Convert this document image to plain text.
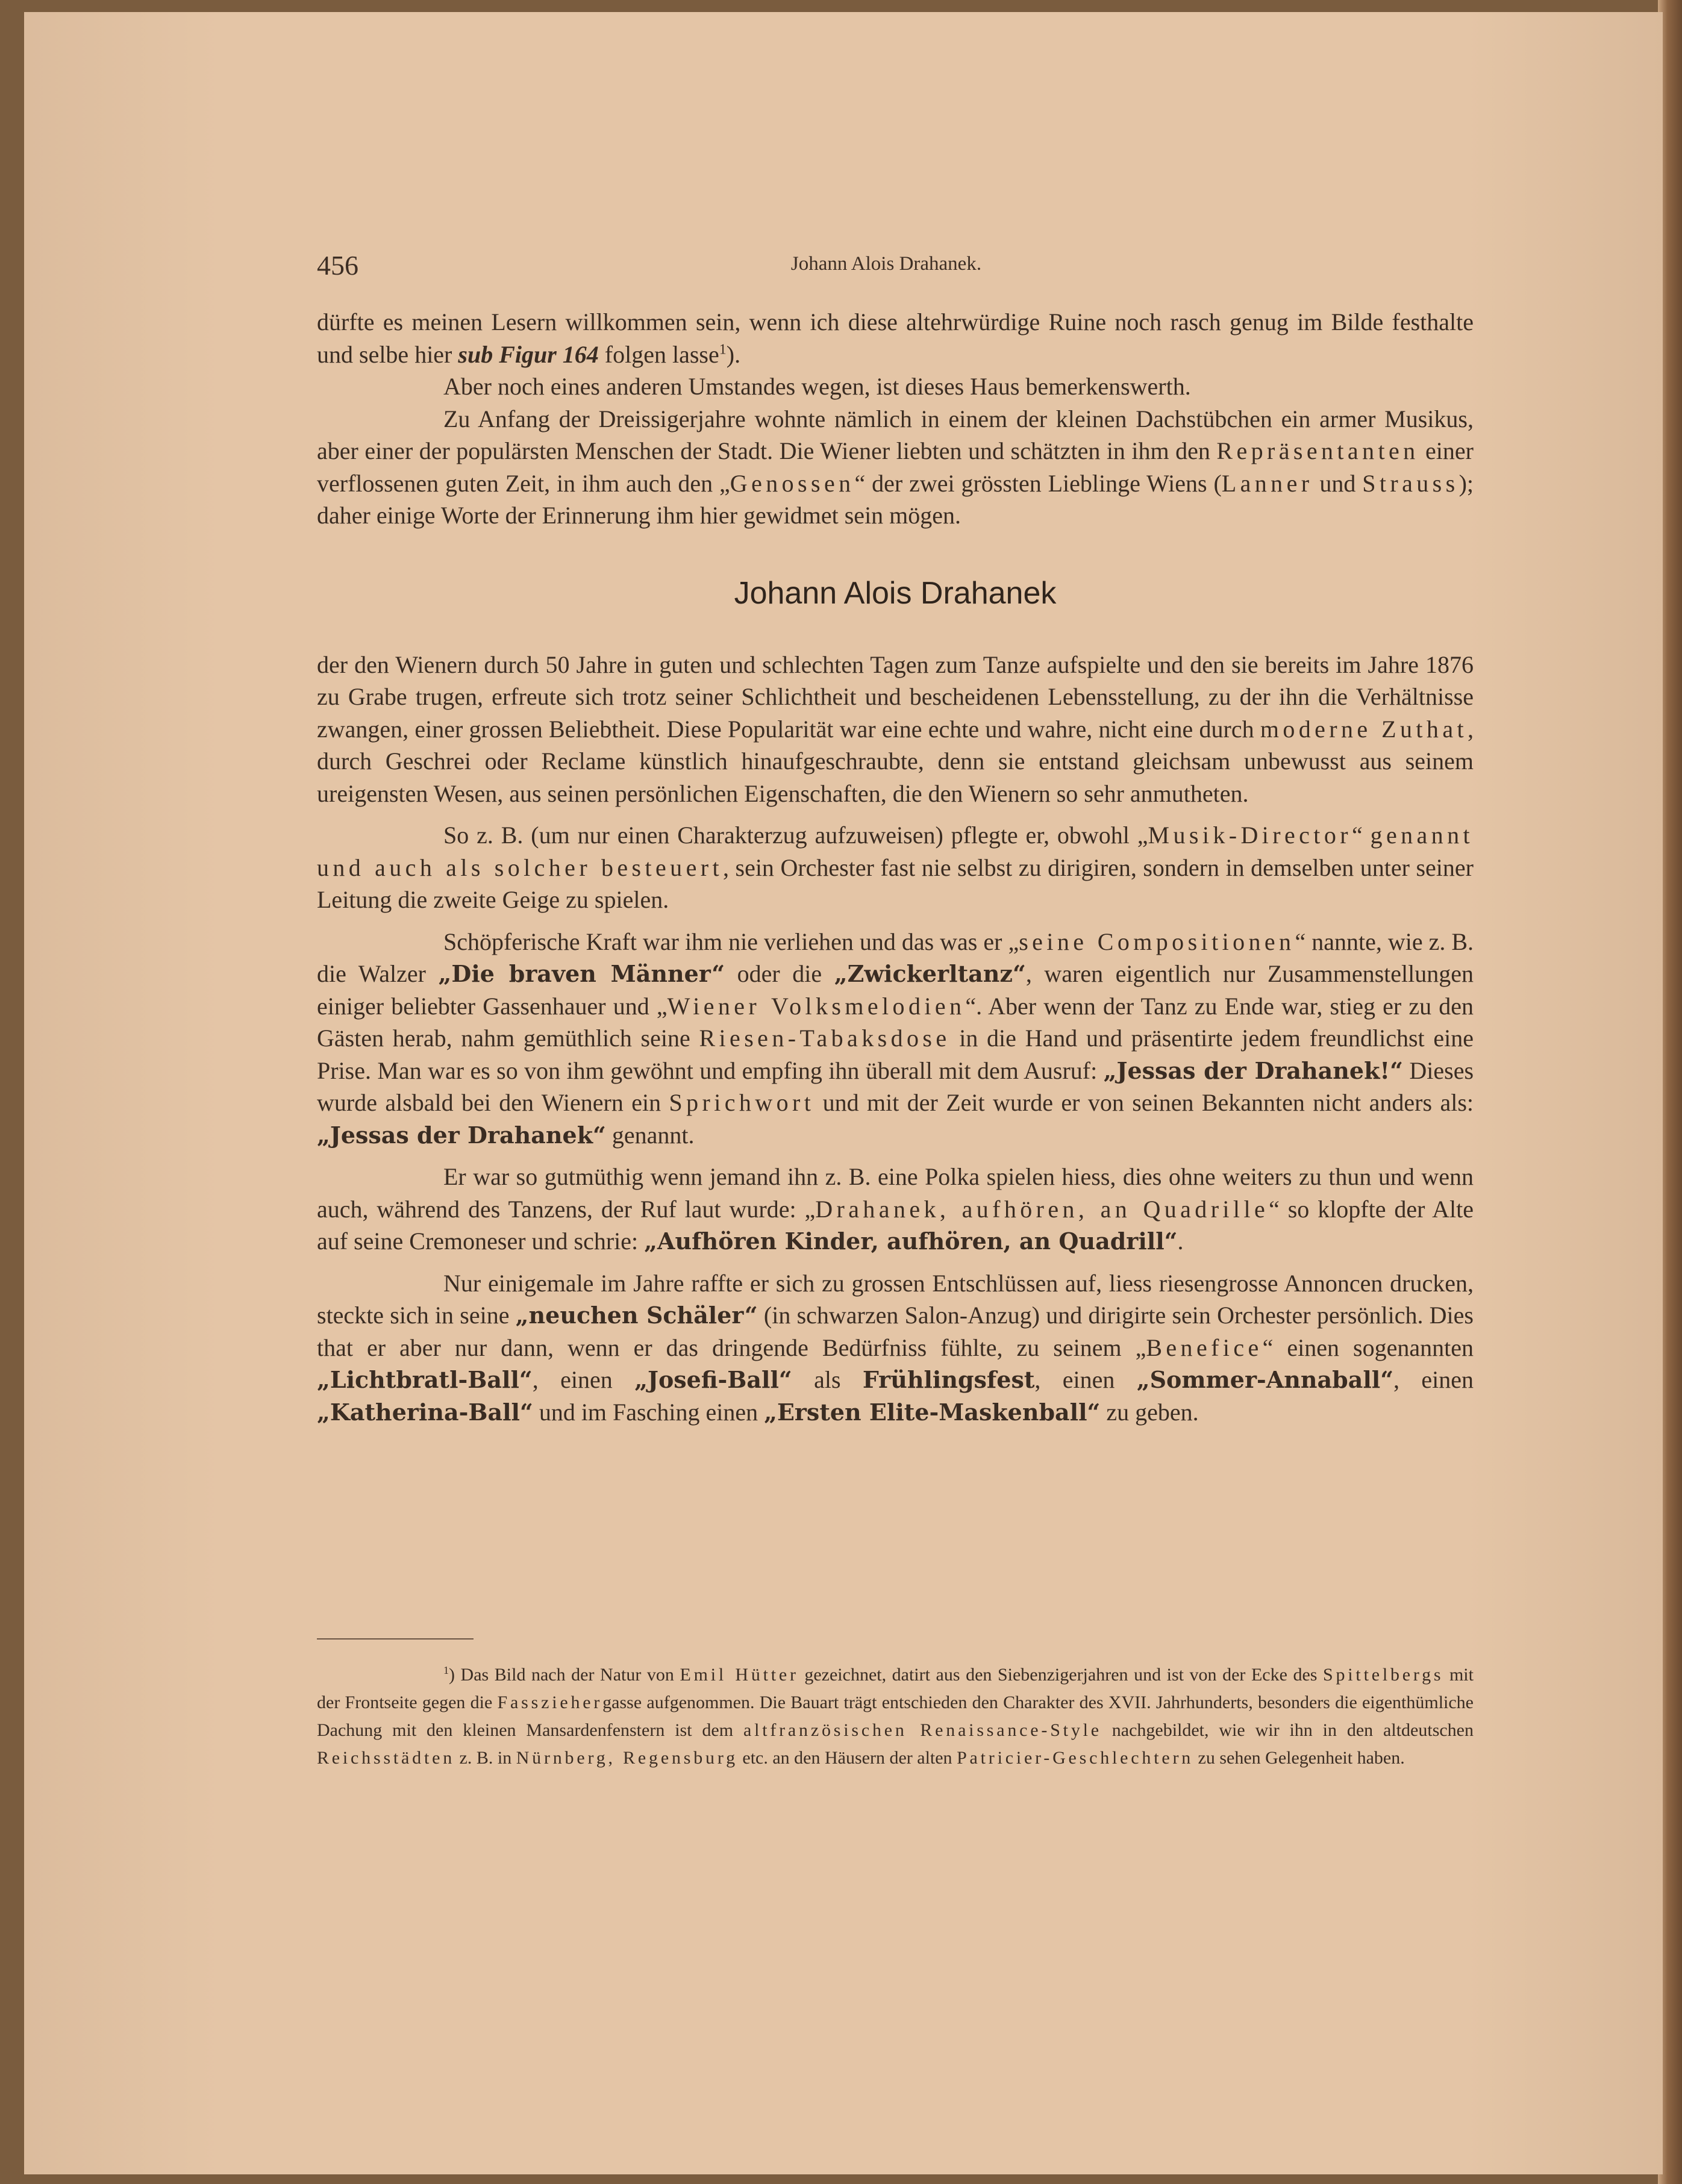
456	Johann Alois Drahanek.

dürfte es meinen Lesern willkommen sein, wenn ich diese altehrwürdige Ruine noch rasch genug im Bilde festhalte und selbe hier sub Figur 164 folgen lasse$^1$).

Aber noch eines anderen Umstandes wegen, ist dieses Haus bemerkenswerth.

Zu Anfang der Dreissigerjahre wohnte nämlich in einem der kleinen Dachstübchen ein armer Musikus, aber einer der populärsten Menschen der Stadt. Die Wiener liebten und schätzten in ihm den Repräsentanten einer verflossenen guten Zeit, in ihm auch den „Genossen“ der zwei grössten Lieblinge Wiens (Lanner und Strauss); daher einige Worte der Erinnerung ihm hier gewidmet sein mögen.

Johann Alois Drahanek

der den Wienern durch 50 Jahre in guten und schlechten Tagen zum Tanze aufspielte und den sie bereits im Jahre 1876 zu Grabe trugen, erfreute sich trotz seiner Schlichtheit und bescheidenen Lebensstellung, zu der ihn die Verhältnisse zwangen, einer grossen Beliebtheit. Diese Popularität war eine echte und wahre, nicht eine durch moderne Zuthat, durch Geschrei oder Reclame künstlich hinaufgeschraubte, denn sie entstand gleichsam unbewusst aus seinem ureigensten Wesen, aus seinen persönlichen Eigenschaften, die den Wienern so sehr anmutheten.

So z. B. (um nur einen Charakterzug aufzuweisen) pflegte er, obwohl „Musik-Director“ genannt und auch als solcher besteuert, sein Orchester fast nie selbst zu dirigiren, sondern in demselben unter seiner Leitung die zweite Geige zu spielen.

Schöpferische Kraft war ihm nie verliehen und das was er „seine Compositionen“ nannte, wie z. B. die Walzer „Die braven Männer“ oder die „Zwickerltanz“, waren eigentlich nur Zusammenstellungen einiger beliebter Gassenhauer und „Wiener Volksmelodien“. Aber wenn der Tanz zu Ende war, stieg er zu den Gästen herab, nahm gemüthlich seine Riesen-Tabaksdose in die Hand und präsentirte jedem freundlichst eine Prise. Man war es so von ihm gewöhnt und empfing ihn überall mit dem Ausruf: „Jessas der Drahanek!“ Dieses wurde alsbald bei den Wienern ein Sprichwort und mit der Zeit wurde er von seinen Bekannten nicht anders als: „Jessas der Drahanek“ genannt.

Er war so gutmüthig wenn jemand ihn z. B. eine Polka spielen hiess, dies ohne weiters zu thun und wenn auch, während des Tanzens, der Ruf laut wurde: „Drahanek, aufhören, an Quadrille“ so klopfte der Alte auf seine Cremoneser und schrie: „Aufhören Kinder, aufhören, an Quadrill“.

Nur einigemale im Jahre raffte er sich zu grossen Entschlüssen auf, liess riesengrosse Annoncen drucken, steckte sich in seine „neuchen Schäler“ (in schwarzen Salon-Anzug) und dirigirte sein Orchester persönlich. Dies that er aber nur dann, wenn er das dringende Bedürfniss fühlte, zu seinem „Benefice“ einen sogenannten „Lichtbratl-Ball“, einen „Josefi-Ball“ als Frühlingsfest, einen „Sommer-Annaball“, einen „Katherina-Ball“ und im Fasching einen „Ersten Elite-Maskenball“ zu geben.

$^1$) Das Bild nach der Natur von Emil Hütter gezeichnet, datirt aus den Siebenzigerjahren und ist von der Ecke des Spittelbergs mit der Frontseite gegen die Fassziehergasse aufgenommen. Die Bauart trägt entschieden den Charakter des XVII. Jahrhunderts, besonders die eigenthümliche Dachung mit den kleinen Mansardenfenstern ist dem altfranzösischen Renaissance-Style nachgebildet, wie wir ihn in den altdeutschen Reichsstädten z. B. in Nürnberg, Regensburg etc. an den Häusern der alten Patricier-Geschlechtern zu sehen Gelegenheit haben.
